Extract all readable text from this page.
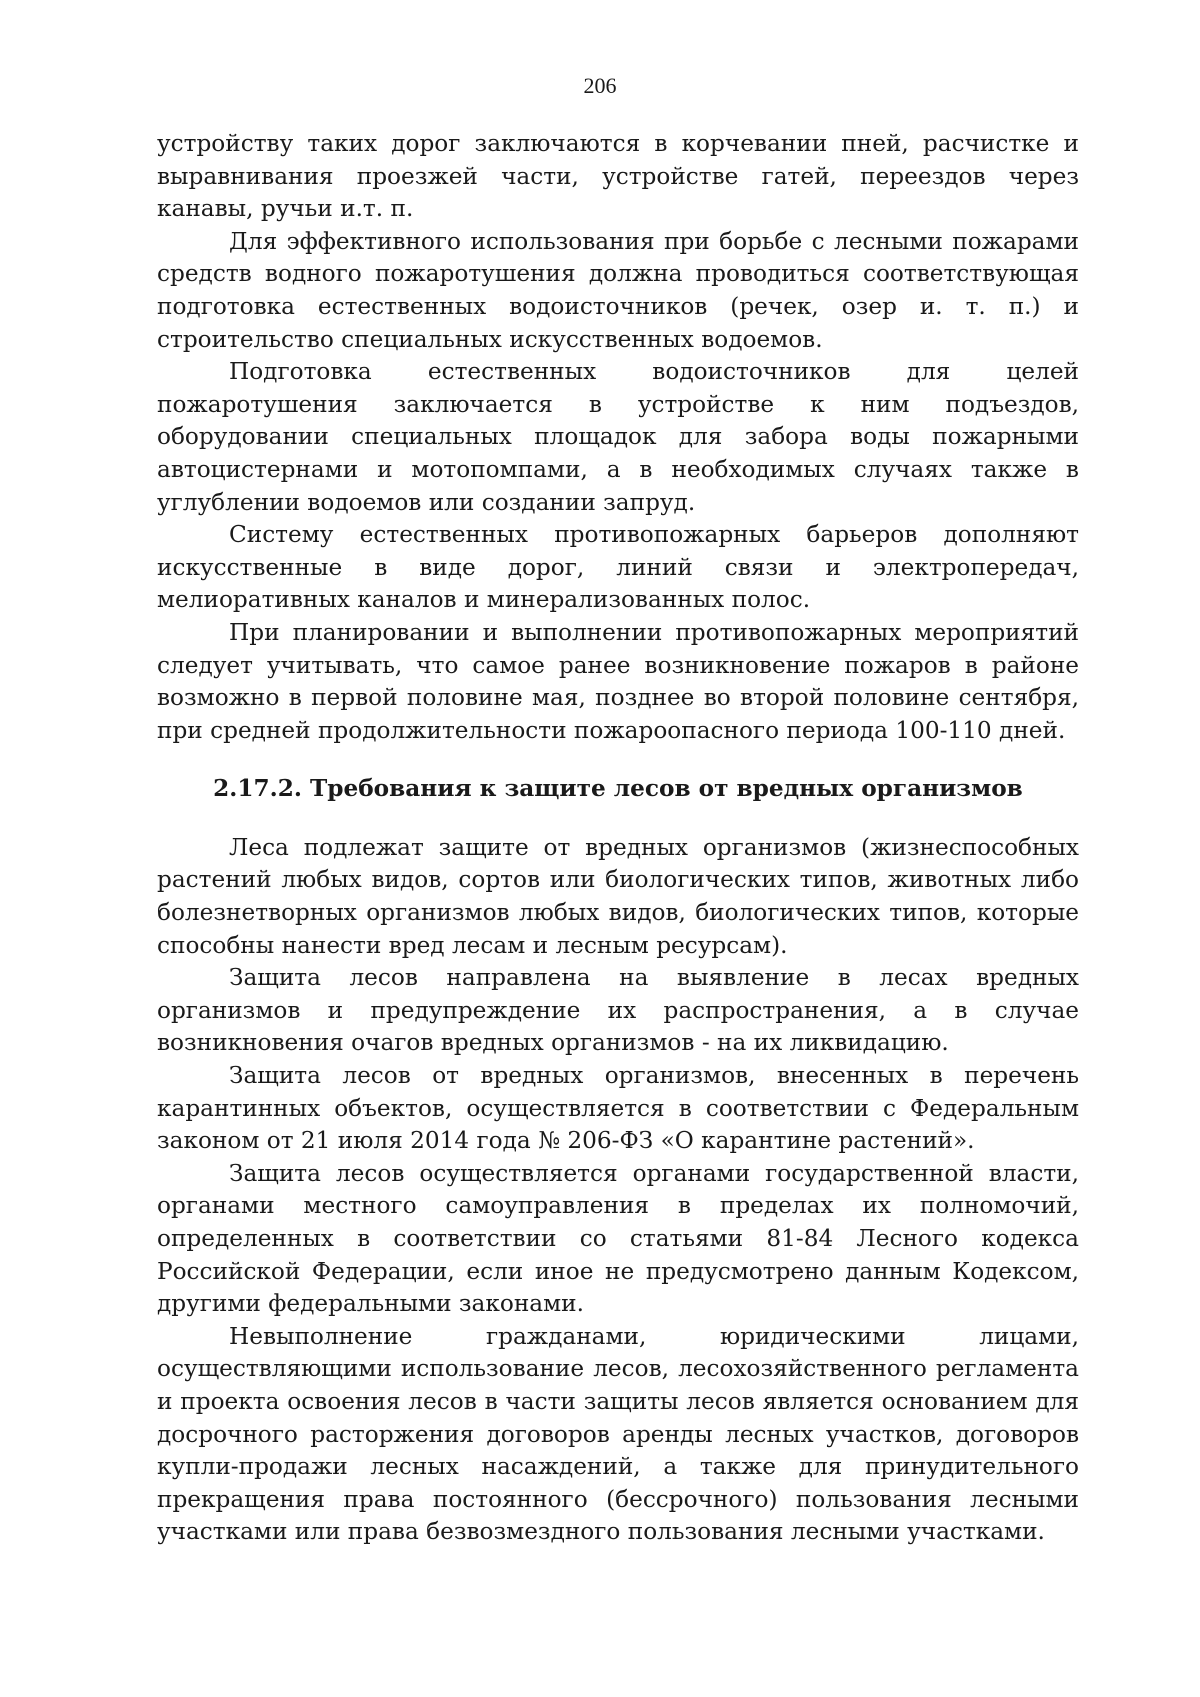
206

устройству таких дорог заключаются в корчевании пней, расчистке и выравнивания проезжей части, устройстве гатей, переездов через канавы, ручьи и.т. п.

Для эффективного использования при борьбе с лесными пожарами средств водного пожаротушения должна проводиться соответствующая подготовка естественных водоисточников (речек, озер и. т. п.) и строительство специальных искусственных водоемов.

Подготовка естественных водоисточников для целей пожаротушения заключается в устройстве к ним подъездов, оборудовании специальных площадок для забора воды пожарными автоцистернами и мотопомпами, а в необходимых случаях также в углублении водоемов или создании запруд.

Систему естественных противопожарных барьеров дополняют искусственные в виде дорог, линий связи и электропередач, мелиоративных каналов и минерализованных полос.

При планировании и выполнении противопожарных мероприятий следует учитывать, что самое ранее возникновение пожаров в районе возможно в первой половине мая, позднее во второй половине сентября, при средней продолжительности пожароопасного периода 100-110 дней.

2.17.2. Требования к защите лесов от вредных организмов

Леса подлежат защите от вредных организмов (жизнеспособных растений любых видов, сортов или биологических типов, животных либо болезнетворных организмов любых видов, биологических типов, которые способны нанести вред лесам и лесным ресурсам).

Защита лесов направлена на выявление в лесах вредных организмов и предупреждение их распространения, а в случае возникновения очагов вредных организмов - на их ликвидацию.

Защита лесов от вредных организмов, внесенных в перечень карантинных объектов, осуществляется в соответствии с Федеральным законом от 21 июля 2014 года № 206-ФЗ «О карантине растений».

Защита лесов осуществляется органами государственной власти, органами местного самоуправления в пределах их полномочий, определенных в соответствии со статьями 81-84 Лесного кодекса Российской Федерации, если иное не предусмотрено данным Кодексом, другими федеральными законами.

Невыполнение гражданами, юридическими лицами, осуществляющими использование лесов, лесохозяйственного регламента и проекта освоения лесов в части защиты лесов является основанием для досрочного расторжения договоров аренды лесных участков, договоров купли-продажи лесных насаждений, а также для принудительного прекращения права постоянного (бессрочного) пользования лесными участками или права безвозмездного пользования лесными участками.
